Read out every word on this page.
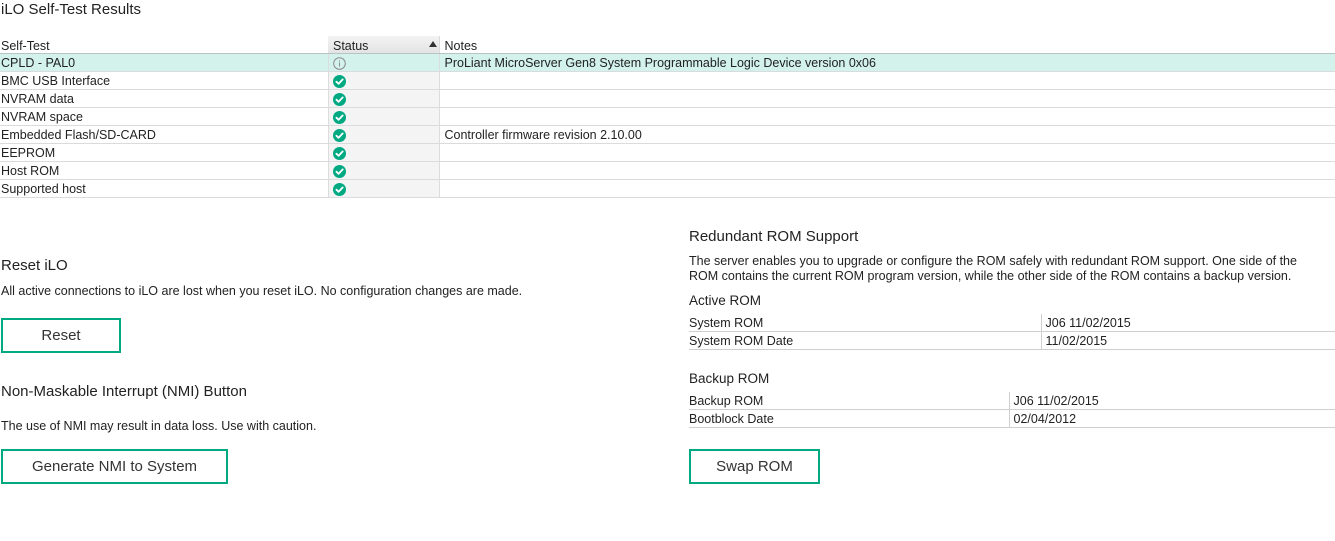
iLO Self-Test Results
Self-Test	Status	Notes
CPLD - PAL0		ProLiant MicroServer Gen8 System Programmable Logic Device version 0x06
BMC USB Interface		
NVRAM data		
NVRAM space		
Embedded Flash/SD-CARD		Controller firmware revision 2.10.00
EEPROM		
Host ROM		
Supported host		
Reset iLO
All active connections to iLO are lost when you reset iLO. No configuration changes are made.
Reset
Non-Maskable Interrupt (NMI) Button
The use of NMI may result in data loss. Use with caution.
Generate NMI to System
Redundant ROM Support
The server enables you to upgrade or configure the ROM safely with redundant ROM support. One side of the
ROM contains the current ROM program version, while the other side of the ROM contains a backup version.
Active ROM
System ROM	J06 11/02/2015
System ROM Date	11/02/2015
Backup ROM
Backup ROM	J06 11/02/2015
Bootblock Date	02/04/2012
Swap ROM
